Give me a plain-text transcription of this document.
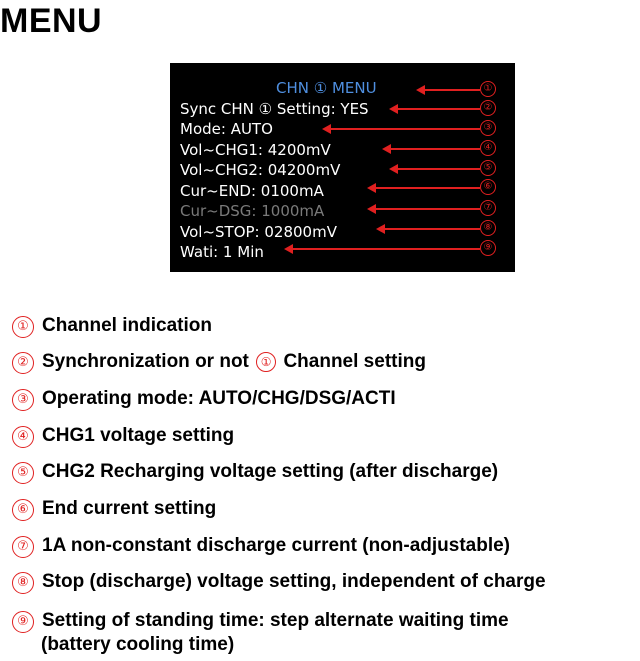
MENU
CHN ① MENU
Sync CHN ① Setting: YES
Mode: AUTO
Vol~CHG1: 4200mV
Vol~CHG2: 04200mV
Cur~END: 0100mA
Cur~DSG: 1000mA
Vol~STOP: 02800mV
Wati: 1 Min
①
②
③
④
⑤
⑥
⑦
⑧
⑨
① Channel indication
② Synchronization or not ① Channel setting
③ Operating mode: AUTO/CHG/DSG/ACTI
④ CHG1 voltage setting
⑤ CHG2 Recharging voltage setting (after discharge)
⑥ End current setting
⑦ 1A non-constant discharge current (non-adjustable)
⑧ Stop (discharge) voltage setting, independent of charge
⑨ Setting of standing time: step alternate waiting time
(battery cooling time)
